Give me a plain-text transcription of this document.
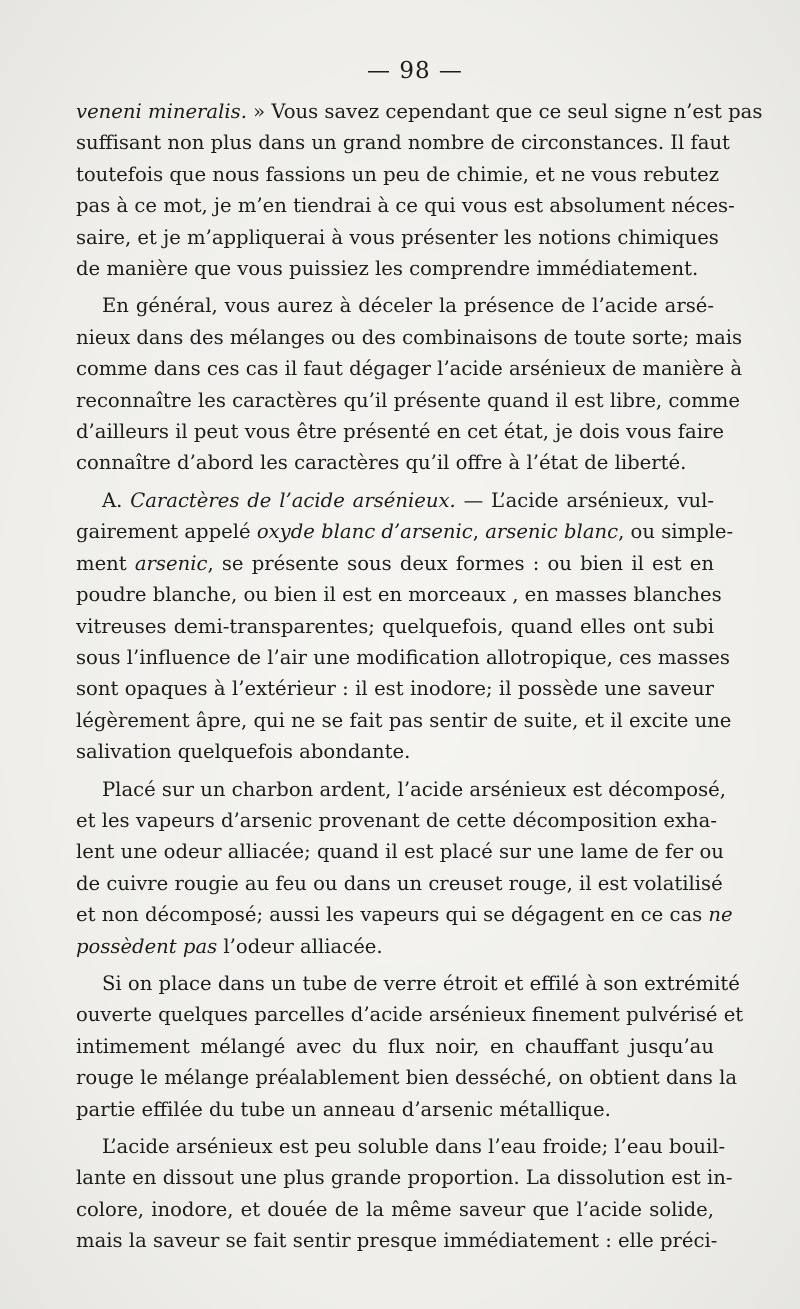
— 98 —
veneni mineralis. » Vous savez cependant que ce seul signe n’est pas
suffisant non plus dans un grand nombre de circonstances. Il faut
toutefois que nous fassions un peu de chimie, et ne vous rebutez
pas à ce mot, je m’en tiendrai à ce qui vous est absolument néces-
saire, et je m’appliquerai à vous présenter les notions chimiques
de manière que vous puissiez les comprendre immédiatement.
En général, vous aurez à déceler la présence de l’acide arsé-
nieux dans des mélanges ou des combinaisons de toute sorte; mais
comme dans ces cas il faut dégager l’acide arsénieux de manière à
reconnaître les caractères qu’il présente quand il est libre, comme
d’ailleurs il peut vous être présenté en cet état, je dois vous faire
connaître d’abord les caractères qu’il offre à l’état de liberté.
A. Caractères de l’acide arsénieux. — L’acide arsénieux, vul-
gairement appelé oxyde blanc d’arsenic, arsenic blanc, ou simple-
ment arsenic, se présente sous deux formes : ou bien il est en
poudre blanche, ou bien il est en morceaux , en masses blanches
vitreuses demi-transparentes; quelquefois, quand elles ont subi
sous l’influence de l’air une modification allotropique, ces masses
sont opaques à l’extérieur : il est inodore; il possède une saveur
légèrement âpre, qui ne se fait pas sentir de suite, et il excite une
salivation quelquefois abondante.
Placé sur un charbon ardent, l’acide arsénieux est décomposé,
et les vapeurs d’arsenic provenant de cette décomposition exha-
lent une odeur alliacée; quand il est placé sur une lame de fer ou
de cuivre rougie au feu ou dans un creuset rouge, il est volatilisé
et non décomposé; aussi les vapeurs qui se dégagent en ce cas ne
possèdent pas l’odeur alliacée.
Si on place dans un tube de verre étroit et effilé à son extrémité
ouverte quelques parcelles d’acide arsénieux finement pulvérisé et
intimement mélangé avec du flux noir, en chauffant jusqu’au
rouge le mélange préalablement bien desséché, on obtient dans la
partie effilée du tube un anneau d’arsenic métallique.
L’acide arsénieux est peu soluble dans l’eau froide; l’eau bouil-
lante en dissout une plus grande proportion. La dissolution est in-
colore, inodore, et douée de la même saveur que l’acide solide,
mais la saveur se fait sentir presque immédiatement : elle préci-
